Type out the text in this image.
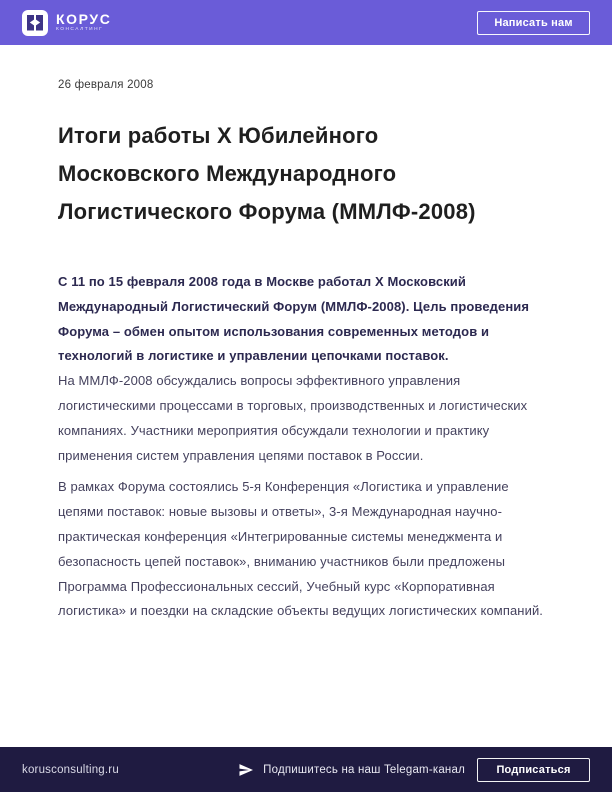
КОРУС
КОНСАЛТИНГ
Написать нам
26 февраля 2008
Итоги работы X Юбилейного Московского Международного Логистического Форума (ММЛФ-2008)

С 11 по 15 февраля 2008 года в Москве работал X Московский Международный Логистический Форум (ММЛФ-2008). Цель проведения Форума – обмен опытом использования современных методов и технологий в логистике и управлении цепочками поставок.

На ММЛФ-2008 обсуждались вопросы эффективного управления логистическими процессами в торговых, производственных и логистических компаниях. Участники мероприятия обсуждали технологии и практику применения систем управления цепями поставок в России.

В рамках Форума состоялись 5-я Конференция «Логистика и управление цепями поставок: новые вызовы и ответы», 3-я Международная научно-практическая конференция «Интегрированные системы менеджмента и безопасность цепей поставок», вниманию участников были предложены Программа Профессиональных сессий, Учебный курс «Корпоративная логистика» и поездки на складские объекты ведущих логистических компаний.

korusconsulting.ru	Подпишитесь на наш Telegam-канал	Подписаться
